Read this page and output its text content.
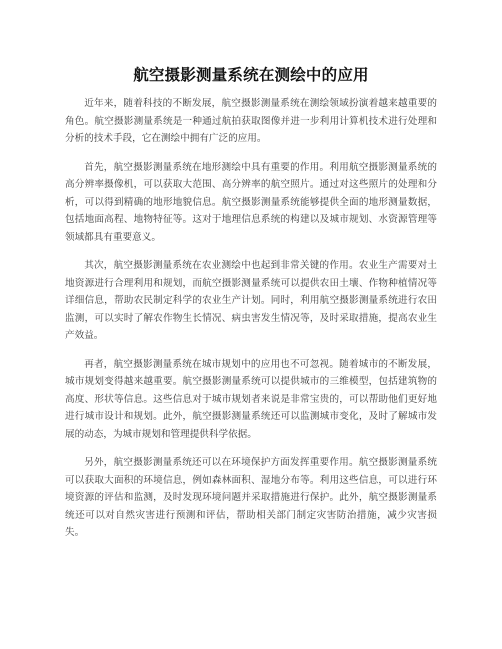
航空摄影测量系统在测绘中的应用

近年来，随着科技的不断发展，航空摄影测量系统在测绘领域扮演着越来越重要的角色。航空摄影测量系统是一种通过航拍获取图像并进一步利用计算机技术进行处理和分析的技术手段，它在测绘中拥有广泛的应用。

首先，航空摄影测量系统在地形测绘中具有重要的作用。利用航空摄影测量系统的高分辨率摄像机，可以获取大范围、高分辨率的航空照片。通过对这些照片的处理和分析，可以得到精确的地形地貌信息。航空摄影测量系统能够提供全面的地形测量数据，包括地面高程、地物特征等。这对于地理信息系统的构建以及城市规划、水资源管理等领域都具有重要意义。

其次，航空摄影测量系统在农业测绘中也起到非常关键的作用。农业生产需要对土地资源进行合理利用和规划，而航空摄影测量系统可以提供农田土壤、作物种植情况等详细信息，帮助农民制定科学的农业生产计划。同时，利用航空摄影测量系统进行农田监测，可以实时了解农作物生长情况、病虫害发生情况等，及时采取措施，提高农业生产效益。

再者，航空摄影测量系统在城市规划中的应用也不可忽视。随着城市的不断发展，城市规划变得越来越重要。航空摄影测量系统可以提供城市的三维模型，包括建筑物的高度、形状等信息。这些信息对于城市规划者来说是非常宝贵的，可以帮助他们更好地进行城市设计和规划。此外，航空摄影测量系统还可以监测城市变化，及时了解城市发展的动态，为城市规划和管理提供科学依据。

另外，航空摄影测量系统还可以在环境保护方面发挥重要作用。航空摄影测量系统可以获取大面积的环境信息，例如森林面积、湿地分布等。利用这些信息，可以进行环境资源的评估和监测，及时发现环境问题并采取措施进行保护。此外，航空摄影测量系统还可以对自然灾害进行预测和评估，帮助相关部门制定灾害防治措施，减少灾害损失。
